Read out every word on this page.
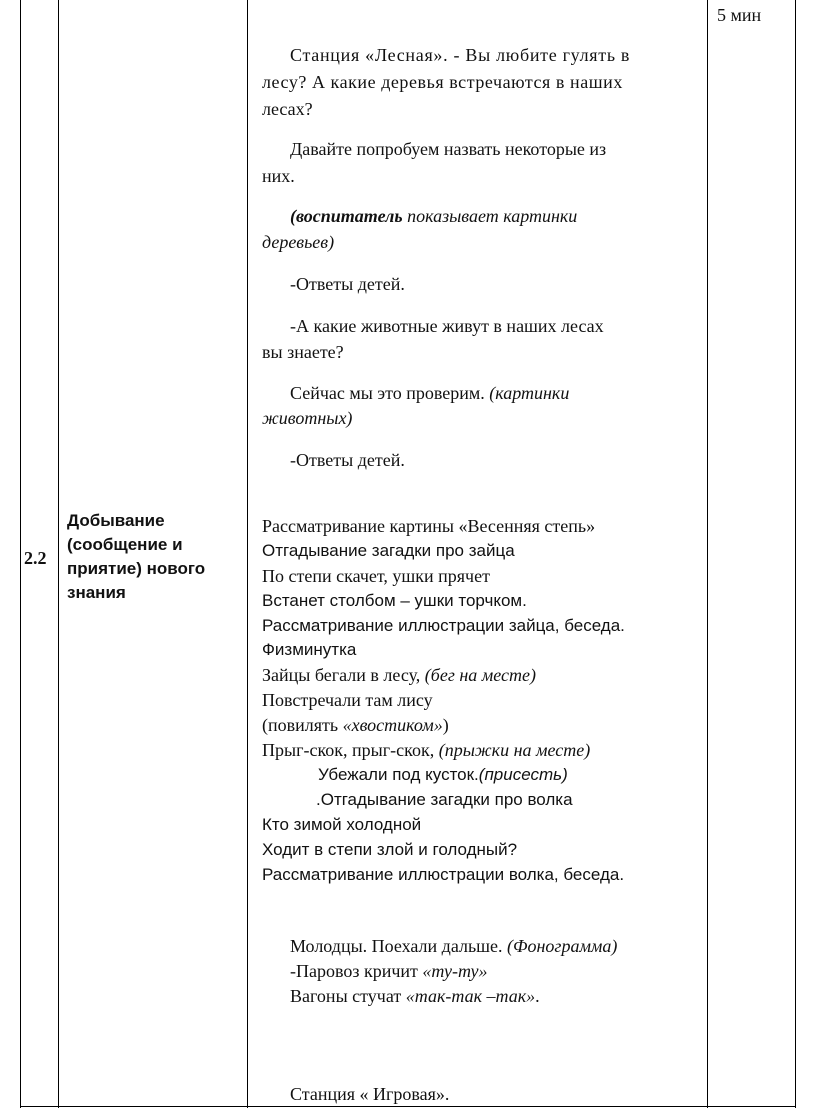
2.2
Добывание
(сообщение и
приятие) нового
знания
5 мин
Станция «Лесная». - Вы любите гулять в
лесу? А какие деревья встречаются в наших
лесах?
Давайте попробуем назвать некоторые из
них.
(воспитатель показывает картинки
деревьев)
-Ответы детей.
-А какие животные живут в наших лесах
вы знаете?
Сейчас мы это проверим. (картинки
животных)
-Ответы детей.
Рассматривание картины «Весенняя степь»
Отгадывание загадки про зайца
По степи скачет, ушки прячет
Встанет столбом – ушки торчком.
Рассматривание иллюстрации зайца, беседа.
Физминутка
Зайцы бегали в лесу, (бег на месте)
Повстречали там лису
(повилять «хвостиком»)
Прыг-скок, прыг-скок, (прыжки на месте)
Убежали под кусток.(присесть)
.Отгадывание загадки про волка
Кто зимой холодной
Ходит в степи злой и голодный?
Рассматривание иллюстрации волка, беседа.
Молодцы. Поехали дальше. (Фонограмма)
-Паровоз кричит «ту-ту»
Вагоны стучат «так-так –так».
Станция « Игровая».
